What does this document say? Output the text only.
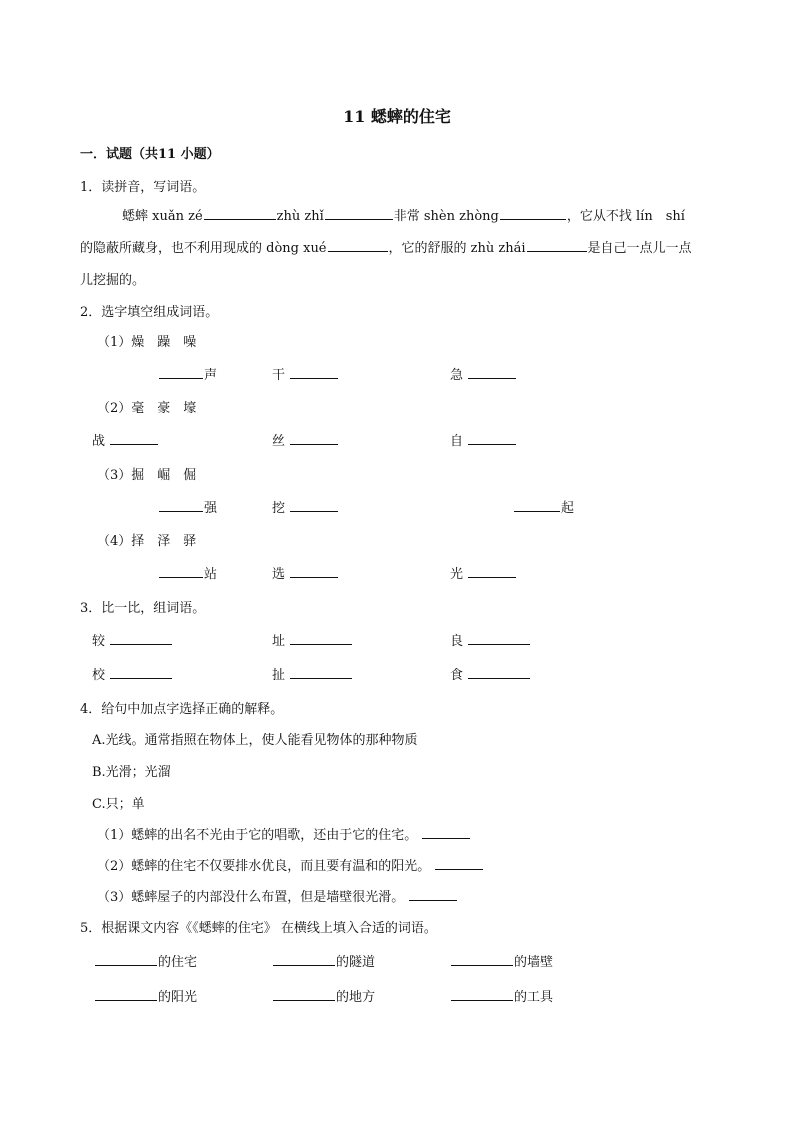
11 蟋蟀的住宅
一．试题（共11 小题）
1．读拼音，写词语。
蟋蟀 xuǎn zé	zhù zhǐ	非常 shèn zhòng	，它从不找 lín　shí
的隐蔽所藏身，也不利用现成的 dòng xué	，它的舒服的 zhù zhái	是自己一点儿一点
儿挖掘的。
2．选字填空组成词语。
（1）燥　躁　噪
声	干	急
（2）毫　豪　壕
战	丝	自
（3）掘　崛　倔
强	挖	起
（4）择　泽　驿
站	选	光
3．比一比，组词语。
较	址	良
校	扯	食
4．给句中加点字选择正确的解释。
A.光线。通常指照在物体上，使人能看见物体的那种物质
B.光滑；光溜
C.只；单
（1）蟋蟀的出名不光由于它的唱歌，还由于它的住宅。
（2）蟋蟀的住宅不仅要排水优良，而且要有温和的阳光。
（3）蟋蟀屋子的内部没什么布置，但是墙壁很光滑。
5．根据课文内容《《蟋蟀的住宅》 在横线上填入合适的词语。
的住宅	的隧道	的墙壁
的阳光	的地方	的工具
